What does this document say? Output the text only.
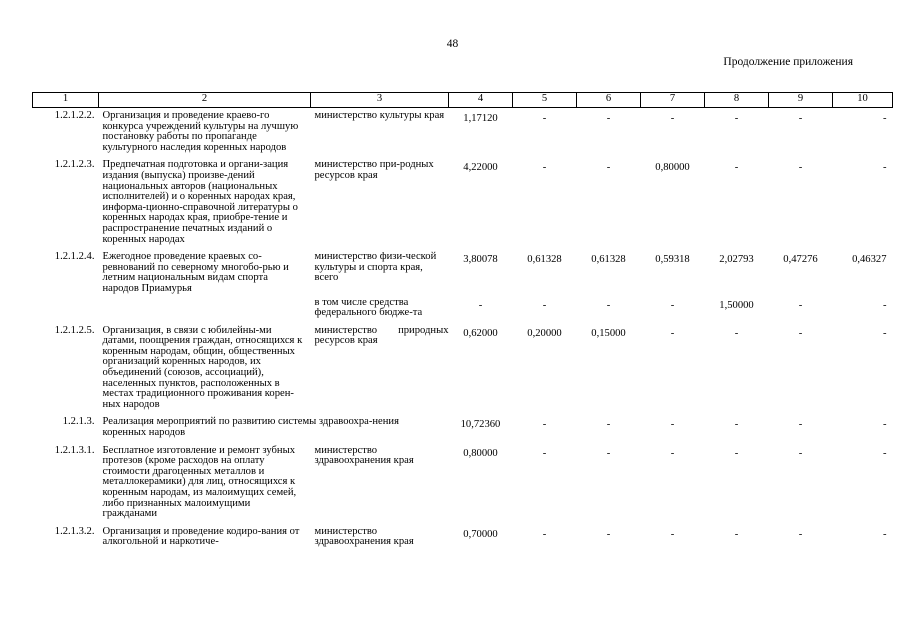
48
Продолжение приложения
1	2	3	4	5	6	7	8	9	10
1.2.1.2.2.	Организация и проведение краево-го конкурса учреждений культуры на лучшую постановку работы по пропаганде культурного наследия коренных народов	министерство культуры края	1,17120	-	-	-	-	-	-
1.2.1.2.3.	Предпечатная подготовка и органи-зация издания (выпуска) произве-дений национальных авторов (национальных исполнителей) и о коренных народах края, информа-ционно-справочной литературы о коренных народах края, приобре-тение и распространение печатных изданий о коренных народах	министерство при-родных ресурсов края	4,22000	-	-	0,80000	-	-	-
1.2.1.2.4.	Ежегодное проведение краевых со-ревнований по северному многобо-рью и летним национальным видам спорта народов Приамурья	министерство физи-ческой культуры и спорта края, всего	3,80078	0,61328	0,61328	0,59318	2,02793	0,47276	0,46327
		в том числе средства федерального бюдже-та	-	-	-	-	1,50000	-	-
1.2.1.2.5.	Организация, в связи с юбилейны-ми датами, поощрения граждан, относящихся к коренным народам, общин, общественных организаций коренных народов, их объединений (союзов, ассоциаций), населенных пунктов, расположенных в местах традиционного проживания корен-ных народов	министерство природных ресурсов края	0,62000	0,20000	0,15000	-	-	-	-
1.2.1.3.	Реализация мероприятий по развитию системы здравоохра-нения коренных народов		10,72360	-	-	-	-	-	-
1.2.1.3.1.	Бесплатное изготовление и ремонт зубных протезов (кроме расходов на оплату стоимости драгоценных металлов и металлокерамики) для лиц, относящихся к коренным народам, из малоимущих семей, либо признанных малоимущими гражданами	министерство здравоохранения края	0,80000	-	-	-	-	-	-
1.2.1.3.2.	Организация и проведение кодиро-вания от алкогольной и наркотиче-	министерство здравоохранения края	0,70000	-	-	-	-	-	-
